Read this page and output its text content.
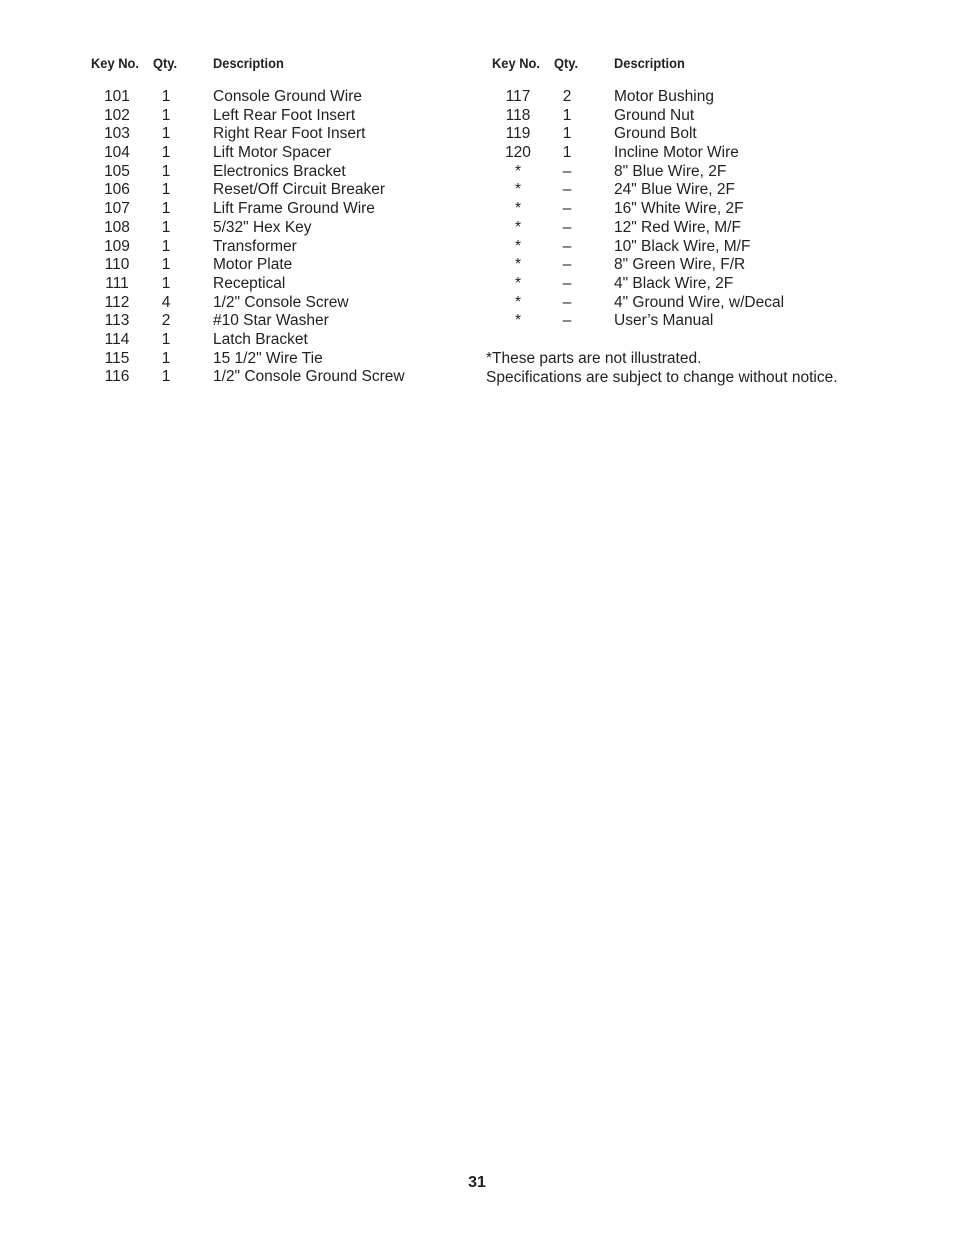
Key No. Qty.	Description	Key No. Qty.	Description
101	1	Console Ground Wire
102	1	Left Rear Foot Insert
103	1	Right Rear Foot Insert
104	1	Lift Motor Spacer
105	1	Electronics Bracket
106	1	Reset/Off Circuit Breaker
107	1	Lift Frame Ground Wire
108	1	5/32" Hex Key
109	1	Transformer
110	1	Motor Plate
111	1	Receptical
112	4	1/2" Console Screw
113	2	#10 Star Washer
114	1	Latch Bracket
115	1	15 1/2" Wire Tie
116	1	1/2" Console Ground Screw
117	2	Motor Bushing
118	1	Ground Nut
119	1	Ground Bolt
120	1	Incline Motor Wire
*	–	8" Blue Wire, 2F
*	–	24" Blue Wire, 2F
*	–	16" White Wire, 2F
*	–	12" Red Wire, M/F
*	–	10" Black Wire, M/F
*	–	8" Green Wire, F/R
*	–	4" Black Wire, 2F
*	–	4" Ground Wire, w/Decal
*	–	User’s Manual
*These parts are not illustrated.
Specifications are subject to change without notice.
31
